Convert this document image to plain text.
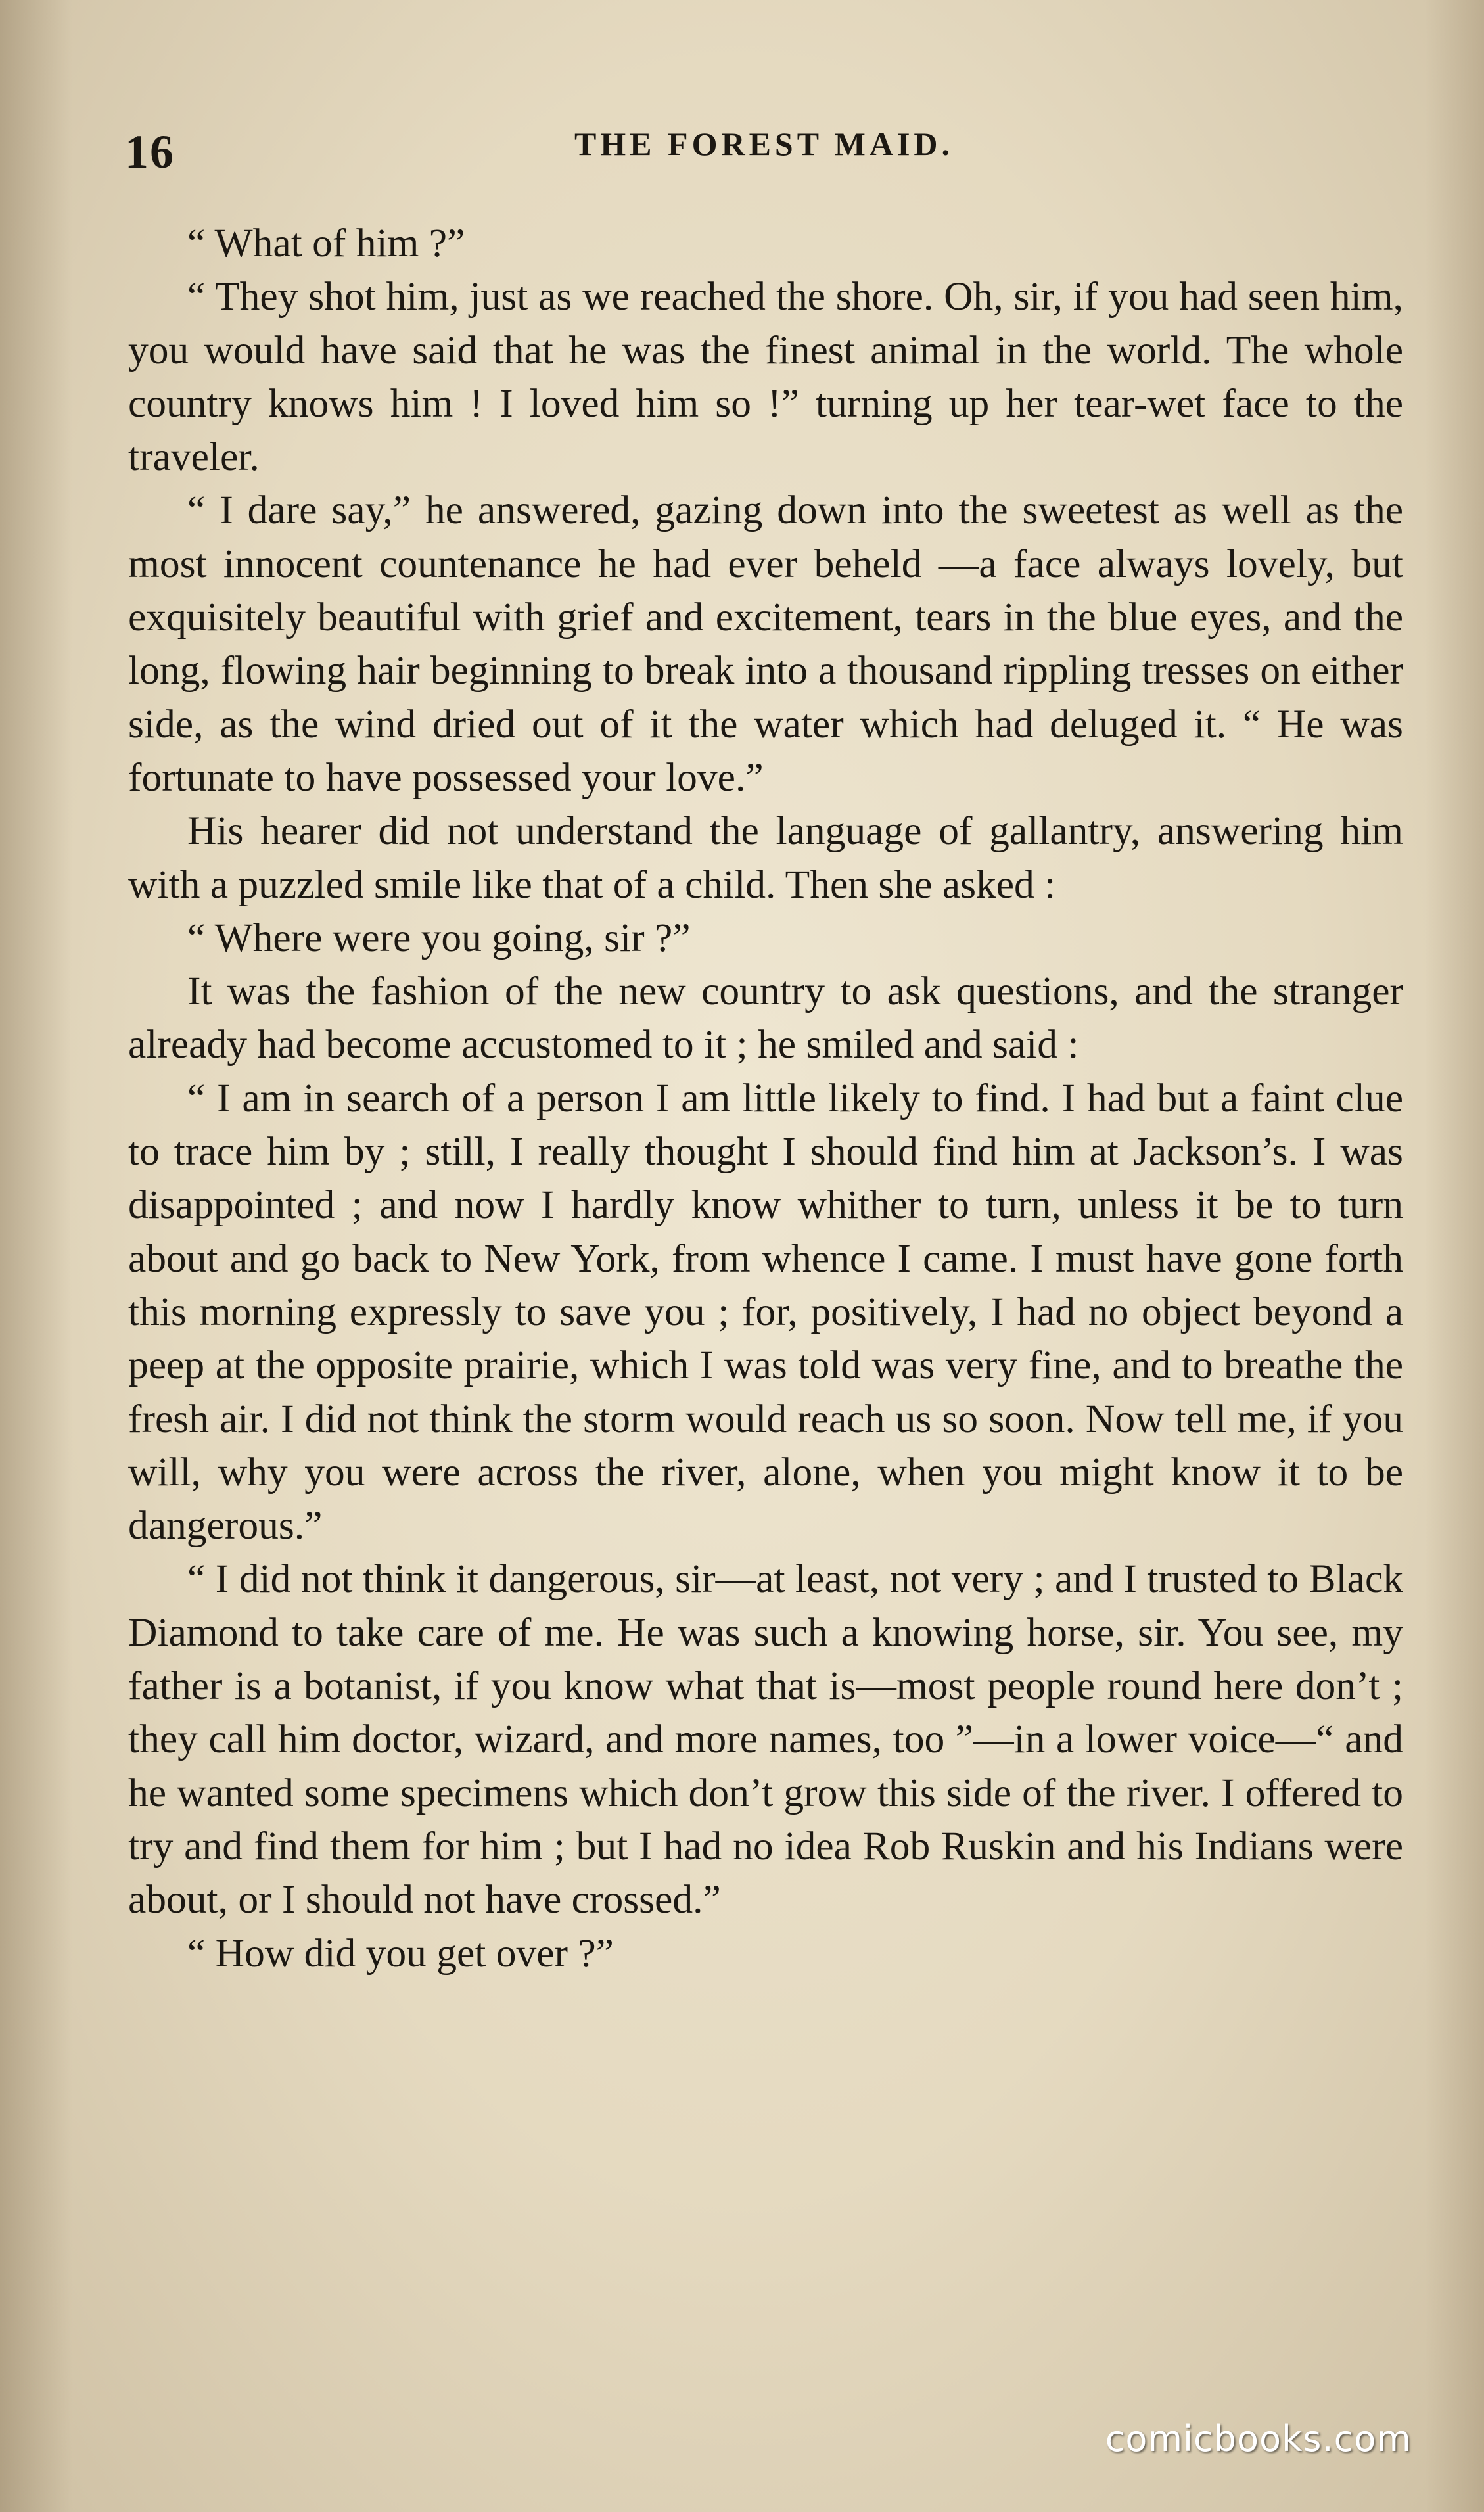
16	THE FOREST MAID.

“ What of him ?”

“ They shot him, just as we reached the shore. Oh, sir, if you had seen him, you would have said that he was the finest animal in the world. The whole country knows him ! I loved him so !” turning up her tear-wet face to the traveler.

“ I dare say,” he answered, gazing down into the sweetest as well as the most innocent countenance he had ever beheld —a face always lovely, but exquisitely beautiful with grief and excitement, tears in the blue eyes, and the long, flowing hair beginning to break into a thousand rippling tresses on either side, as the wind dried out of it the water which had deluged it. “ He was fortunate to have possessed your love.”

His hearer did not understand the language of gallantry, answering him with a puzzled smile like that of a child. Then she asked :

“ Where were you going, sir ?”

It was the fashion of the new country to ask questions, and the stranger already had become accustomed to it ; he smiled and said :

“ I am in search of a person I am little likely to find. I had but a faint clue to trace him by ; still, I really thought I should find him at Jackson’s. I was disappointed ; and now I hardly know whither to turn, unless it be to turn about and go back to New York, from whence I came. I must have gone forth this morning expressly to save you ; for, positively, I had no object beyond a peep at the opposite prairie, which I was told was very fine, and to breathe the fresh air. I did not think the storm would reach us so soon. Now tell me, if you will, why you were across the river, alone, when you might know it to be dangerous.”

“ I did not think it dangerous, sir—at least, not very ; and I trusted to Black Diamond to take care of me. He was such a knowing horse, sir. You see, my father is a botanist, if you know what that is—most people round here don’t ; they call him doctor, wizard, and more names, too ”—in a lower voice—“ and he wanted some specimens which don’t grow this side of the river. I offered to try and find them for him ; but I had no idea Rob Ruskin and his Indians were about, or I should not have crossed.”

“ How did you get over ?”

comicbooks.com
